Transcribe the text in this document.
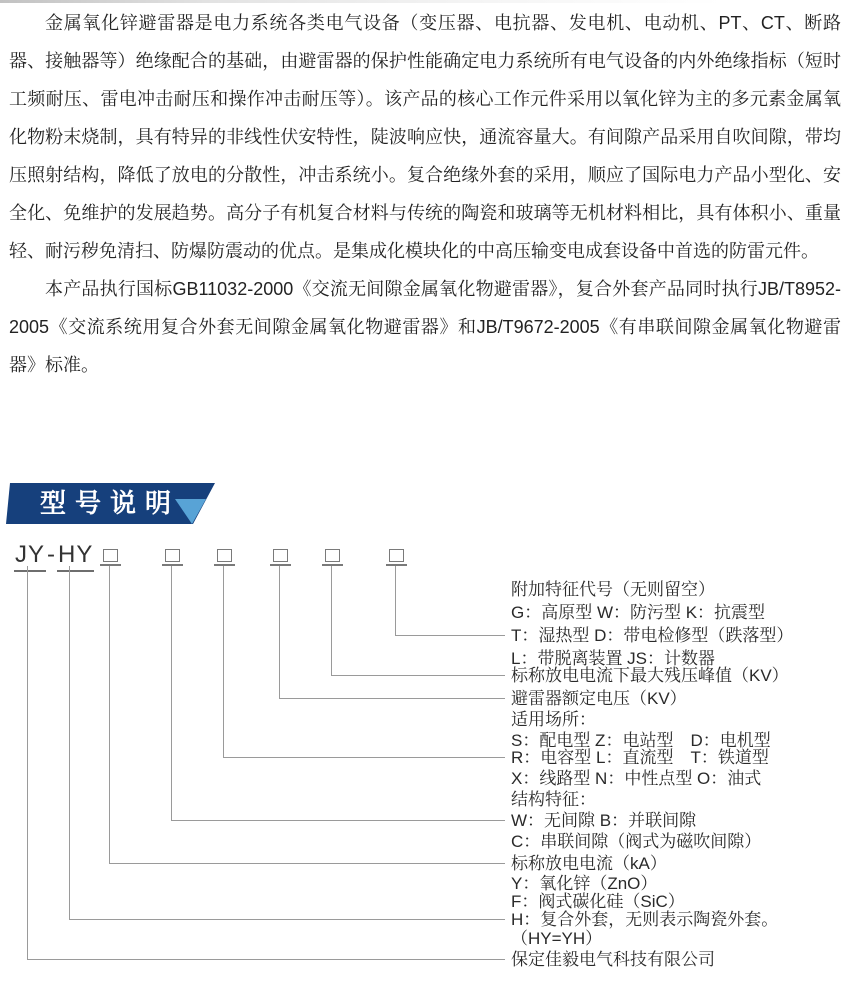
金属氧化锌避雷器是电力系统各类电气设备（变压器、电抗器、发电机、电动机、PT、CT、断路器、接触器等）绝缘配合的基础，由避雷器的保护性能确定电力系统所有电气设备的内外绝缘指标（短时工频耐压、雷电冲击耐压和操作冲击耐压等）。该产品的核心工作元件采用以氧化锌为主的多元素金属氧化物粉末烧制，具有特异的非线性伏安特性，陡波响应快，通流容量大。有间隙产品采用自吹间隙，带均压照射结构，降低了放电的分散性，冲击系统小。复合绝缘外套的采用，顺应了国际电力产品小型化、安全化、免维护的发展趋势。高分子有机复合材料与传统的陶瓷和玻璃等无机材料相比，具有体积小、重量轻、耐污秽免清扫、防爆防震动的优点。是集成化模块化的中高压输变电成套设备中首选的防雷元件。

本产品执行国标GB11032-2000《交流无间隙金属氧化物避雷器》，复合外套产品同时执行JB/T8952-2005《交流系统用复合外套无间隙金属氧化物避雷器》和JB/T9672-2005《有串联间隙金属氧化物避雷器》标准。

型号说明
JY-HY
附加特征代号（无则留空）
G：高原型 W：防污型 K：抗震型
T：湿热型 D：带电检修型（跌落型）
L：带脱离装置 JS：计数器
标称放电电流下最大残压峰值（KV）
避雷器额定电压（KV）
适用场所：
S：配电型 Z：电站型　D：电机型
R：电容型 L：直流型　T：铁道型
X：线路型 N：中性点型 O：油式
结构特征：
W：无间隙 B：并联间隙
C：串联间隙（阀式为磁吹间隙）
标称放电电流（kA）
Y：氧化锌（ZnO）
F：阀式碳化硅（SiC）
H：复合外套，无则表示陶瓷外套。
（HY=YH）
保定佳毅电气科技有限公司
